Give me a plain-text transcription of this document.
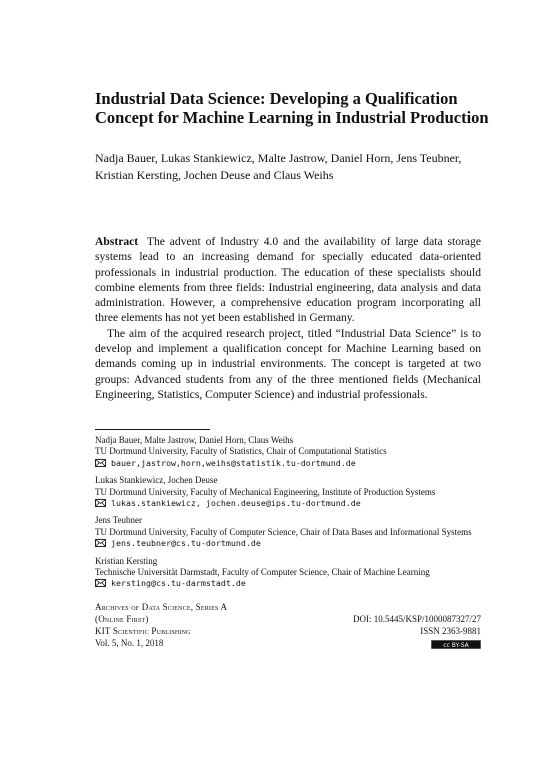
Industrial Data Science: Developing a Qualification Concept for Machine Learning in Industrial Production
Nadja Bauer, Lukas Stankiewicz, Malte Jastrow, Daniel Horn, Jens Teubner, Kristian Kersting, Jochen Deuse and Claus Weihs

Abstract The advent of Industry 4.0 and the availability of large data storage systems lead to an increasing demand for specially educated data-oriented professionals in industrial production. The education of these specialists should combine elements from three fields: Industrial engineering, data analysis and data administration. However, a comprehensive education program incorporating all three elements has not yet been established in Germany.

The aim of the acquired research project, titled “Industrial Data Science” is to develop and implement a qualification concept for Machine Learning based on demands coming up in industrial environments. The concept is targeted at two groups: Advanced students from any of the three mentioned fields (Mechanical Engineering, Statistics, Computer Science) and industrial professionals.

Nadja Bauer, Malte Jastrow, Daniel Horn, Claus Weihs
TU Dortmund University, Faculty of Statistics, Chair of Computational Statistics
bauer,jastrow,horn,weihs@statistik.tu-dortmund.de
Lukas Stankiewicz, Jochen Deuse
TU Dortmund University, Faculty of Mechanical Engineering, Institute of Production Systems
lukas.stankiewicz, jochen.deuse@ips.tu-dortmund.de
Jens Teubner
TU Dortmund University, Faculty of Computer Science, Chair of Data Bases and Informational Systems
jens.teubner@cs.tu-dortmund.de
Kristian Kersting
Technische Universität Darmstadt, Faculty of Computer Science, Chair of Machine Learning
kersting@cs.tu-darmstadt.de
Archives of Data Science, Series A
(Online First)	DOI: 10.5445/KSP/1000087327/27
KIT Scientific Publishing	ISSN 2363-9881
Vol. 5, No. 1, 2018	cc BY-SA
